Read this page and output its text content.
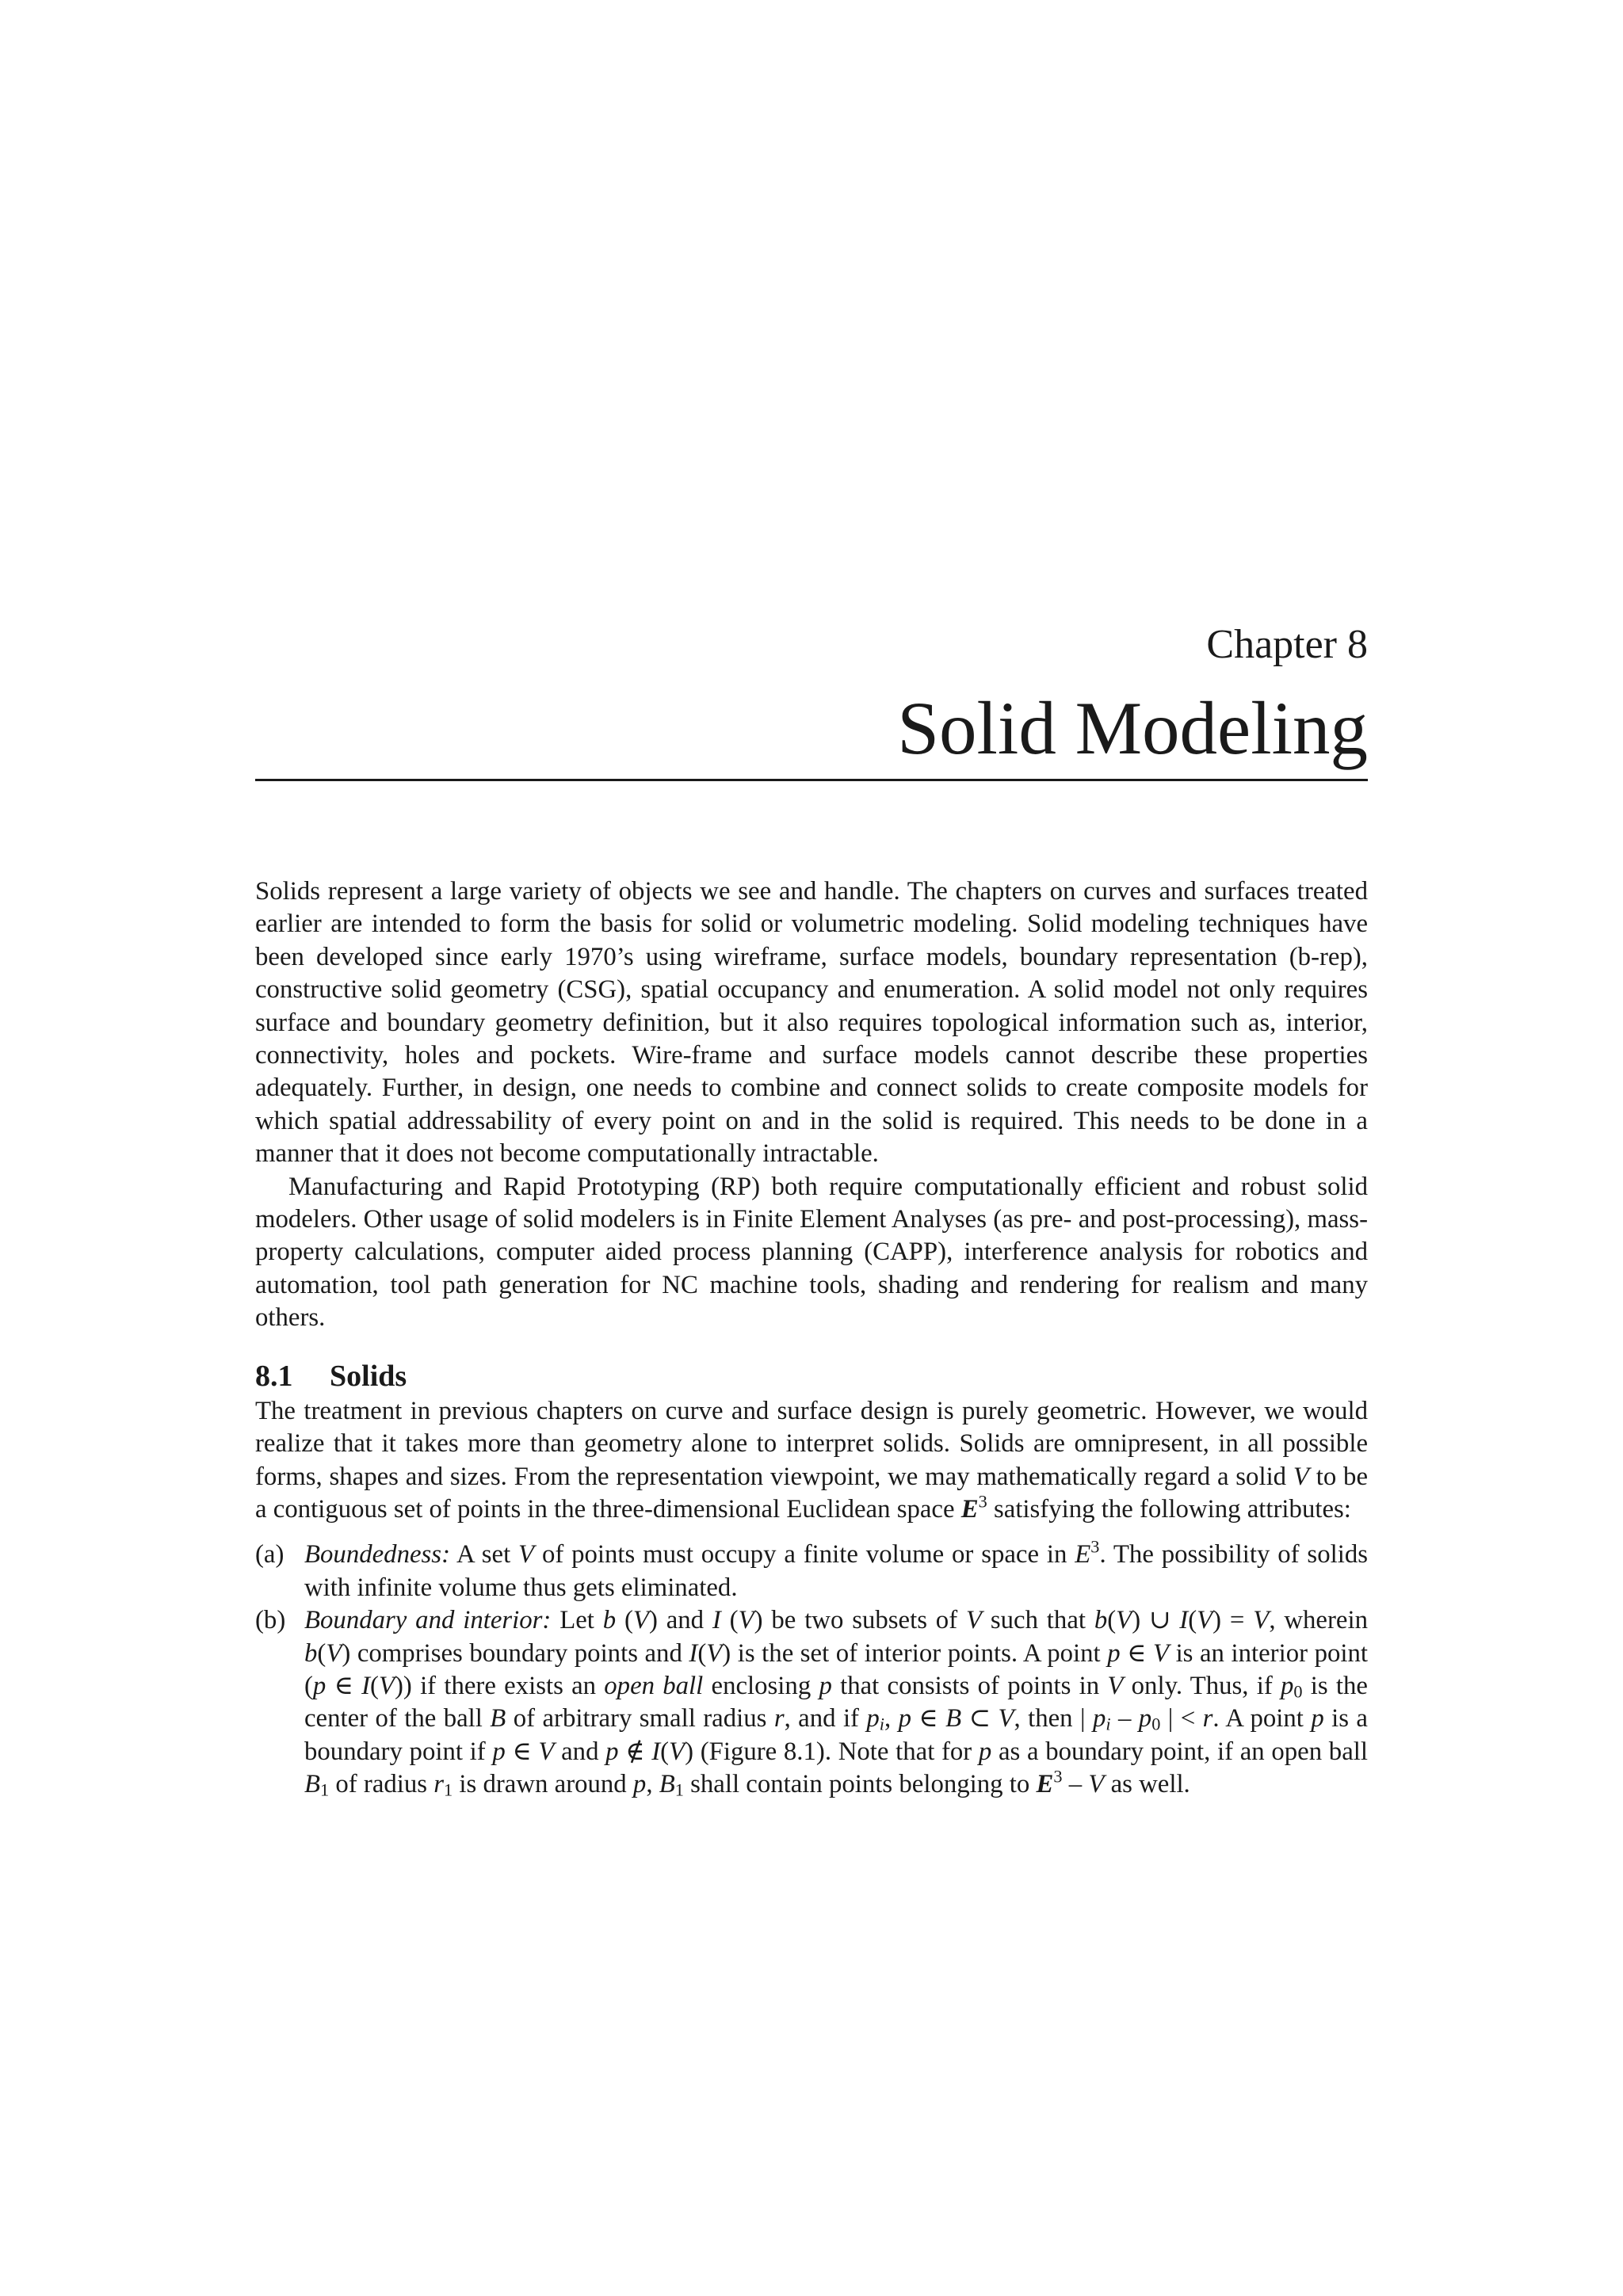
Chapter 8
Solid Modeling

Solids represent a large variety of objects we see and handle. The chapters on curves and surfaces treated earlier are intended to form the basis for solid or volumetric modeling. Solid modeling techniques have been developed since early 1970’s using wireframe, surface models, boundary representation (b-rep), constructive solid geometry (CSG), spatial occupancy and enumeration. A solid model not only requires surface and boundary geometry definition, but it also requires topological information such as, interior, connectivity, holes and pockets. Wire-frame and surface models cannot describe these properties adequately. Further, in design, one needs to combine and connect solids to create composite models for which spatial addressability of every point on and in the solid is required. This needs to be done in a manner that it does not become computationally intractable.

Manufacturing and Rapid Prototyping (RP) both require computationally efficient and robust solid modelers. Other usage of solid modelers is in Finite Element Analyses (as pre- and post-processing), mass-property calculations, computer aided process planning (CAPP), interference analysis for robotics and automation, tool path generation for NC machine tools, shading and rendering for realism and many others.

8.1 Solids

The treatment in previous chapters on curve and surface design is purely geometric. However, we would realize that it takes more than geometry alone to interpret solids. Solids are omnipresent, in all possible forms, shapes and sizes. From the representation viewpoint, we may mathematically regard a solid V to be a contiguous set of points in the three-dimensional Euclidean space $E^3$ satisfying the following attributes:

(a) Boundedness: A set V of points must occupy a finite volume or space in $E^3$. The possibility of solids with infinite volume thus gets eliminated.
(b) Boundary and interior: Let b (V) and I (V) be two subsets of V such that b(V) ∪ I(V) = V, wherein b(V) comprises boundary points and I(V) is the set of interior points. A point p ∈ V is an interior point (p ∈ I(V)) if there exists an open ball enclosing p that consists of points in V only. Thus, if $p_0$ is the center of the ball B of arbitrary small radius r, and if $p_i$, p ∈ B ⊂ V, then | $p_i - p_0$ | < r. A point p is a boundary point if p ∈ V and p ∉ I(V) (Figure 8.1). Note that for p as a boundary point, if an open ball $B_1$ of radius $r_1$ is drawn around p, $B_1$ shall contain points belonging to $E^3$ – V as well.
